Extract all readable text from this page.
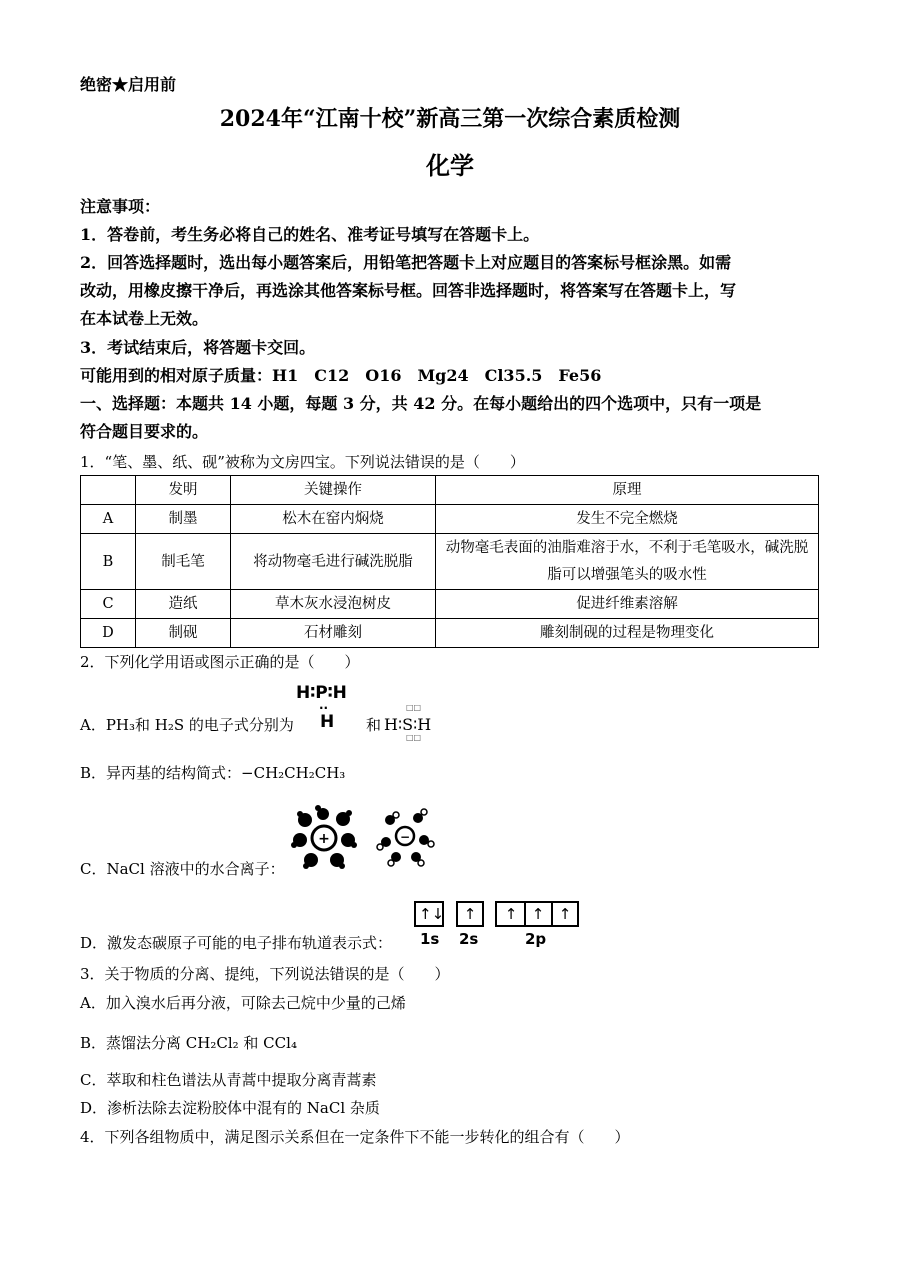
绝密★启用前
2024年“江南十校”新高三第一次综合素质检测
化学
注意事项：
1．答卷前，考生务必将自己的姓名、准考证号填写在答题卡上。
2．回答选择题时，选出每小题答案后，用铅笔把答题卡上对应题目的答案标号框涂黑。如需
改动，用橡皮擦干净后，再选涂其他答案标号框。回答非选择题时，将答案写在答题卡上，写
在本试卷上无效。
3．考试结束后，将答题卡交回。
可能用到的相对原子质量：H1　C12　O16　Mg24　Cl35.5　Fe56
一、选择题：本题共 14 小题，每题 3 分，共 42 分。在每小题给出的四个选项中，只有一项是
符合题目要求的。
1．“笔、墨、纸、砚”被称为文房四宝。下列说法错误的是（　　）
	发明	关键操作	原理
A	制墨	松木在窑内焖烧	发生不完全燃烧
B	制毛笔	将动物毫毛进行碱洗脱脂	动物毫毛表面的油脂难溶于水，不利于毛笔吸水，碱洗脱脂可以增强笔头的吸水性
C	造纸	草木灰水浸泡树皮	促进纤维素溶解
D	制砚	石材雕刻	雕刻制砚的过程是物理变化
2．下列化学用语或图示正确的是（　　）
H∶P∶H
··
H
A．PH₃和 H₂S 的电子式分别为	和 H∶S∶H
□□
□□
B．异丙基的结构简式：−CH₂CH₂CH₃
+	−
C．NaCl 溶液中的水合离子：
↑↓ ↑ ↑ ↑ ↑
1s 2s	2p
D．激发态碳原子可能的电子排布轨道表示式：
3．关于物质的分离、提纯，下列说法错误的是（　　）
A．加入溴水后再分液，可除去己烷中少量的己烯
B．蒸馏法分离 CH₂Cl₂ 和 CCl₄
C．萃取和柱色谱法从青蒿中提取分离青蒿素
D．渗析法除去淀粉胶体中混有的 NaCl 杂质
4．下列各组物质中，满足图示关系但在一定条件下不能一步转化的组合有（　　）
